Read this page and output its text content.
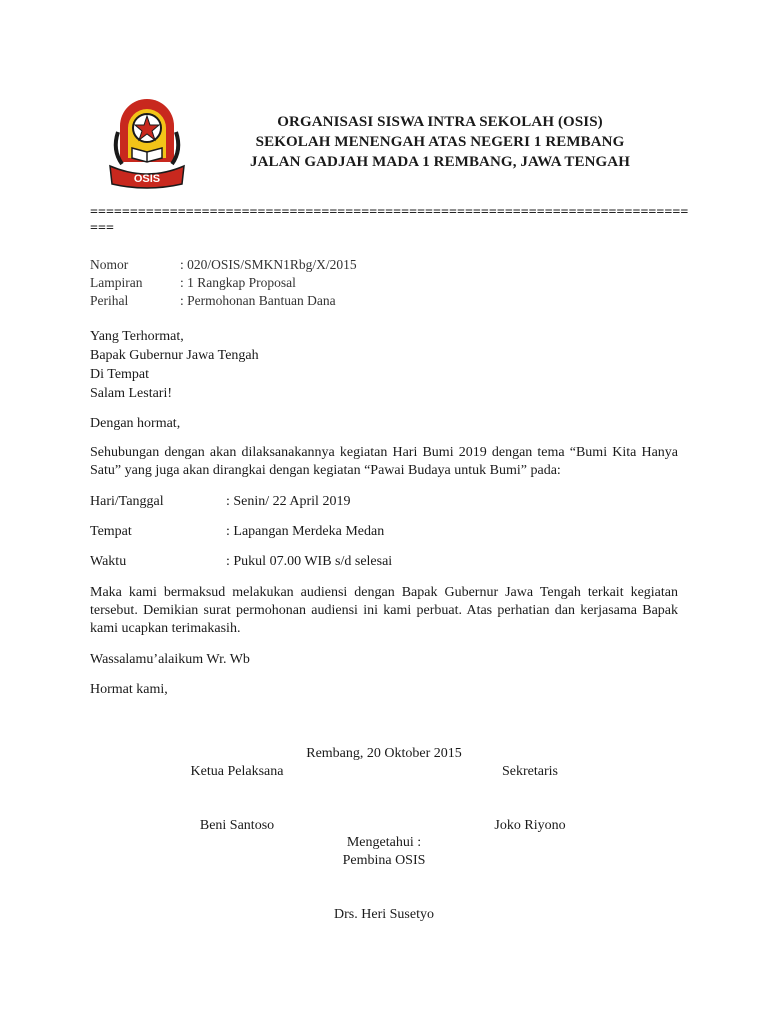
OSIS
ORGANISASI SISWA INTRA SEKOLAH (OSIS)
SEKOLAH MENENGAH ATAS NEGERI 1 REMBANG
JALAN GADJAH MADA 1 REMBANG, JAWA TENGAH
==============================================================================
Nomor	: 020/OSIS/SMKN1Rbg/X/2015
Lampiran	: 1 Rangkap Proposal
Perihal	: Permohonan Bantuan Dana
Yang Terhormat,
Bapak Gubernur Jawa Tengah
Di Tempat
Salam Lestari!
Dengan hormat,
Sehubungan dengan akan dilaksanakannya kegiatan Hari Bumi 2019 dengan tema “Bumi Kita Hanya Satu” yang juga akan dirangkai dengan kegiatan “Pawai Budaya untuk Bumi” pada:
Hari/Tanggal	: Senin/ 22 April 2019
Tempat	: Lapangan Merdeka Medan
Waktu	: Pukul 07.00 WIB s/d selesai
Maka kami bermaksud melakukan audiensi dengan Bapak Gubernur Jawa Tengah terkait kegiatan tersebut. Demikian surat permohonan audiensi ini kami perbuat. Atas perhatian dan kerjasama Bapak kami ucapkan terimakasih.
Wassalamu’alaikum Wr. Wb
Hormat kami,
Rembang, 20 Oktober 2015
Ketua Pelaksana	Sekretaris
Beni Santoso	Joko Riyono
Mengetahui :
Pembina OSIS
Drs. Heri Susetyo
